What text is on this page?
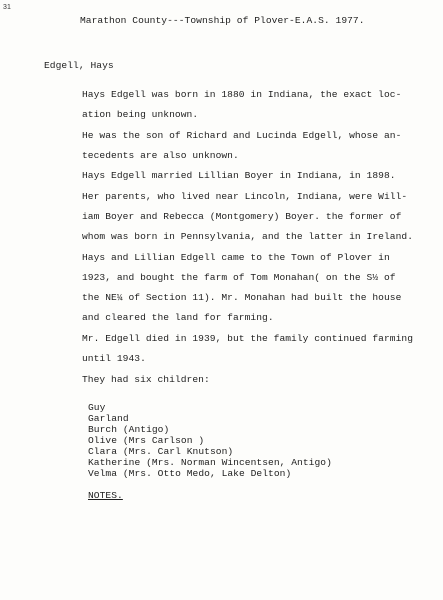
31
Marathon County---Township of Plover-E.A.S. 1977.
Edgell, Hays
Hays Edgell was born in 1880 in Indiana, the exact loc-
ation being unknown.
He was the son of Richard and Lucinda Edgell, whose an-
tecedents are also unknown.
Hays Edgell married Lillian Boyer in Indiana, in 1898.
Her parents, who lived near Lincoln, Indiana, were Will-
iam Boyer and Rebecca (Montgomery) Boyer. the former of
whom was born in Pennsylvania, and the latter in Ireland.
Hays and Lillian Edgell came to the Town of Plover in
1923, and bought the farm of Tom Monahan( on the S½ of
the NE¼ of Section 11). Mr. Monahan had built the house
and cleared the land for farming.
Mr. Edgell died in 1939, but the family continued farming
until 1943.
They had six children:
Guy
Garland
Burch (Antigo)
Olive (Mrs Carlson )
Clara (Mrs. Carl Knutson)
Katherine (Mrs. Norman Wincentsen, Antigo)
Velma (Mrs. Otto Medo, Lake Delton)
NOTES.
